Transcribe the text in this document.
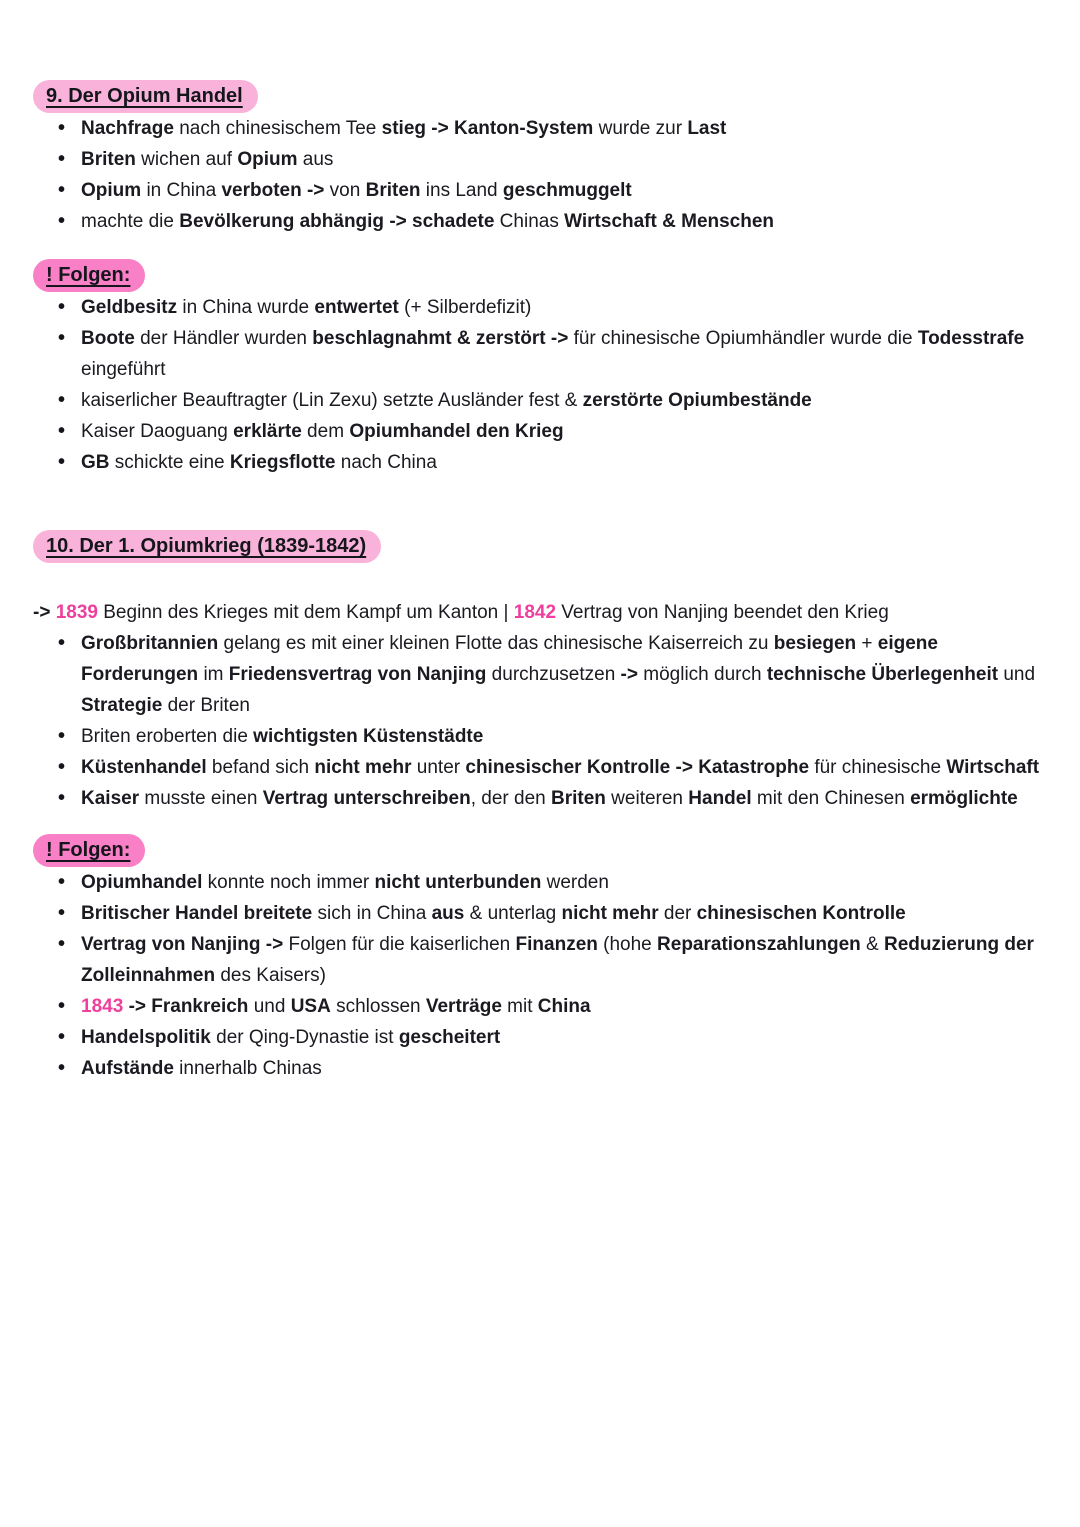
9. Der Opium Handel
• Nachfrage nach chinesischem Tee stieg -> Kanton-System wurde zur Last
• Briten wichen auf Opium aus
• Opium in China verboten -> von Briten ins Land geschmuggelt
• machte die Bevölkerung abhängig -> schadete Chinas Wirtschaft & Menschen
! Folgen:
• Geldbesitz in China wurde entwertet (+ Silberdefizit)
• Boote der Händler wurden beschlagnahmt & zerstört -> für chinesische Opiumhändler wurde die Todesstrafe eingeführt
• kaiserlicher Beauftragter (Lin Zexu) setzte Ausländer fest & zerstörte Opiumbestände
• Kaiser Daoguang erklärte dem Opiumhandel den Krieg
• GB schickte eine Kriegsflotte nach China
10. Der 1. Opiumkrieg (1839-1842)
-> 1839 Beginn des Krieges mit dem Kampf um Kanton | 1842 Vertrag von Nanjing beendet den Krieg
• Großbritannien gelang es mit einer kleinen Flotte das chinesische Kaiserreich zu besiegen + eigene Forderungen im Friedensvertrag von Nanjing durchzusetzen -> möglich durch technische Überlegenheit und Strategie der Briten
• Briten eroberten die wichtigsten Küstenstädte
• Küstenhandel befand sich nicht mehr unter chinesischer Kontrolle -> Katastrophe für chinesische Wirtschaft
• Kaiser musste einen Vertrag unterschreiben, der den Briten weiteren Handel mit den Chinesen ermöglichte
! Folgen:
• Opiumhandel konnte noch immer nicht unterbunden werden
• Britischer Handel breitete sich in China aus & unterlag nicht mehr der chinesischen Kontrolle
• Vertrag von Nanjing -> Folgen für die kaiserlichen Finanzen (hohe Reparationszahlungen & Reduzierung der Zolleinnahmen des Kaisers)
• 1843 -> Frankreich und USA schlossen Verträge mit China
• Handelspolitik der Qing-Dynastie ist gescheitert
• Aufstände innerhalb Chinas
